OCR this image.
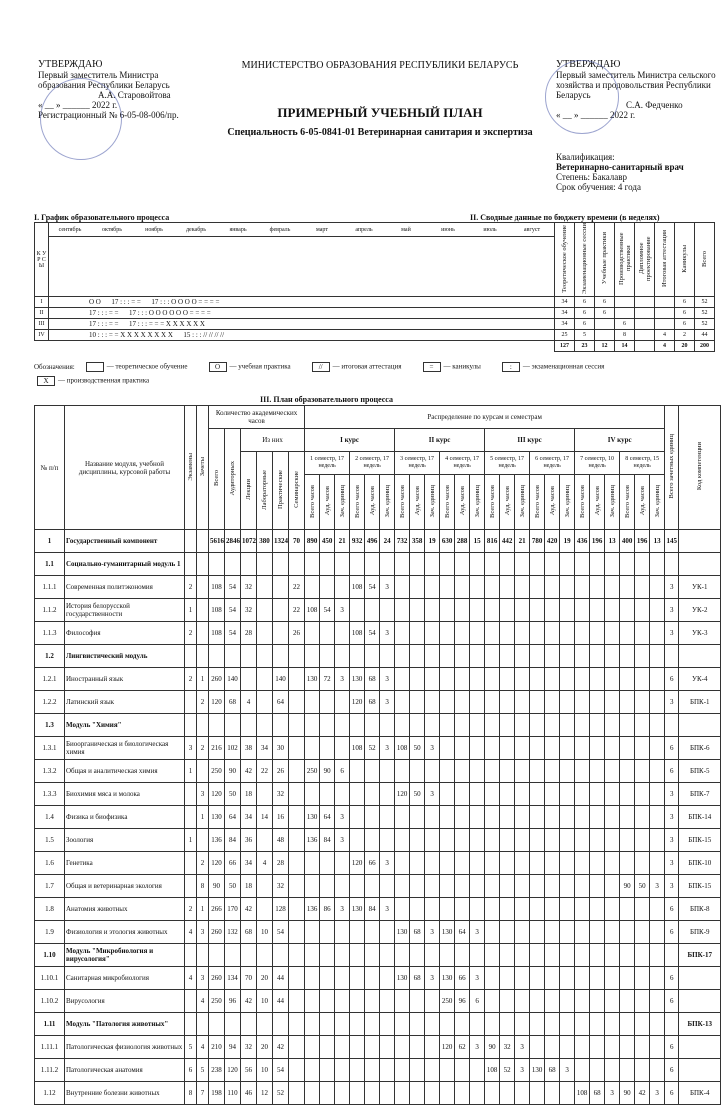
УТВЕРЖДАЮ
Первый заместитель Министра образования Республики Беларусь
А.А. Старовойтова
« __ » ______ 2022 г.
Регистрационный № 6-05-08-006/пр.
МИНИСТЕРСТВО ОБРАЗОВАНИЯ РЕСПУБЛИКИ БЕЛАРУСЬ
ПРИМЕРНЫЙ УЧЕБНЫЙ ПЛАН
Специальность 6-05-0841-01 Ветеринарная санитария и экспертиза
УТВЕРЖДАЮ
Первый заместитель Министра сельского хозяйства и продовольствия Республики Беларусь
С.А. Федченко
« __ » ______ 2022 г.
Квалификация:
Ветеринарно-санитарный врач
Степень: Бакалавр
Срок обучения: 4 года
I. График образовательного процесса	II. Сводные данные по бюджету времени (в неделях)
К У Р С Ы	сентябрь октябрь ноябрь декабрь январь февраль март апрель май июнь июль август	Теоретическое обучение	Экзаменационные сессии	Учебные практики	Производственные практики	Дипломное проектирование	Итоговая аттестация	Каникулы	Всего

I	О О      17 : : : = =      17 : : : О О О О = = = =	34	6	6				6	52
II	17 : : : = =      17 : : : О О О О О О = = = =	34	6	6				6	52
III	17 : : : = =      17 : : : = = = X X X X X X	34	6		6			6	52
IV	10 : : : = = X X X X X X X X      15 : : : // // // //	25	5		8		4	2	44
		127	23	12	14		4	20	200
Обозначения:	— теоретическое обучение	О — учебная практика	// — итоговая аттестация	= — каникулы	: — экзаменационная сессияX — производственная практика
III. План образовательного процесса
№ п/п	Название модуля, учебной дисциплины, курсовой работы	Экзамены	Зачеты	Количество академических часов						Распределение по курсам и семестрам																								Всего зачетных единиц	Код компетенции
				Всего	Аудиторных	Из них				I курс						II курс						III курс						IV курс							
						Лекции	Лабораторные	Практические	Семинарские	1 семестр, 17 недель			2 семестр, 17 недель			3 семестр, 17 недель			4 семестр, 17 недель			5 семестр, 17 недель			6 семестр, 17 недель			7 семестр, 10 недель			8 семестр, 15 недель				
										Всего часов	Ауд. часов	Зач. единиц	Всего часов	Ауд. часов	Зач. единиц	Всего часов	Ауд. часов	Зач. единиц	Всего часов	Ауд. часов	Зач. единиц	Всего часов	Ауд. часов	Зач. единиц	Всего часов	Ауд. часов	Зач. единиц	Всего часов	Ауд. часов	Зач. единиц	Всего часов	Ауд. часов	Зач. единиц		
1	Государственный компонент			5616	2846	1072	380	1324	70	890	450	21	932	496	24	732	358	19	630	288	15	816	442	21	780	420	19	436	196	13	400	196	13	145	
1.1	Социально-гуманитарный модуль 1																																		
1.1.1	Современная политэкономия	2		108	54	32			22				108	54	3																			3	УК-1
1.1.2	История белорусской государственности	1		108	54	32			22	108	54	3																						3	УК-2
1.1.3	Философия	2		108	54	28			26				108	54	3																			3	УК-3
1.2	Лингвистический модуль																																		
1.2.1	Иностранный язык	2	1	260	140			140		130	72	3	130	68	3																			6	УК-4
1.2.2	Латинский язык		2	120	68	4		64					120	68	3																			3	БПК-1
1.3	Модуль "Химия"																																		
1.3.1	Биоорганическая и биологическая химия	3	2	216	102	38	34	30					108	52	3	108	50	3																6	БПК-6
1.3.2	Общая и аналитическая химия	1		250	90	42	22	26		250	90	6																						6	БПК-5
1.3.3	Биохимия мяса и молока		3	120	50	18		32								120	50	3																3	БПК-7
1.4	Физика и биофизика		1	130	64	34	14	16		130	64	3																						3	БПК-14
1.5	Зоология	1		136	84	36		48		136	84	3																						3	БПК-15
1.6	Генетика		2	120	66	34	4	28					120	66	3																			3	БПК-10
1.7	Общая и ветеринарная экология		8	90	50	18		32																							90	50	3	3	БПК-15
1.8	Анатомия животных	2	1	266	170	42		128		136	86	3	130	84	3																			6	БПК-8
1.9	Физиология и этология животных	4	3	260	132	68	10	54								130	68	3	130	64	3													6	БПК-9
1.10	Модуль "Микробиология и вирусология"																																		БПК-17
1.10.1	Санитарная микробиология	4	3	260	134	70	20	44								130	68	3	130	66	3													6	
1.10.2	Вирусология		4	250	96	42	10	44											250	96	6													6	
1.11	Модуль "Патология животных"																																		БПК-13
1.11.1	Патологическая физиология животных	5	4	210	94	32	20	42											120	62	3	90	32	3										6	
1.11.2	Патологическая анатомия	6	5	238	120	56	10	54														108	52	3	130	68	3							6	
1.12	Внутренние болезни животных	8	7	198	110	46	12	52																				108	68	3	90	42	3	6	БПК-4
